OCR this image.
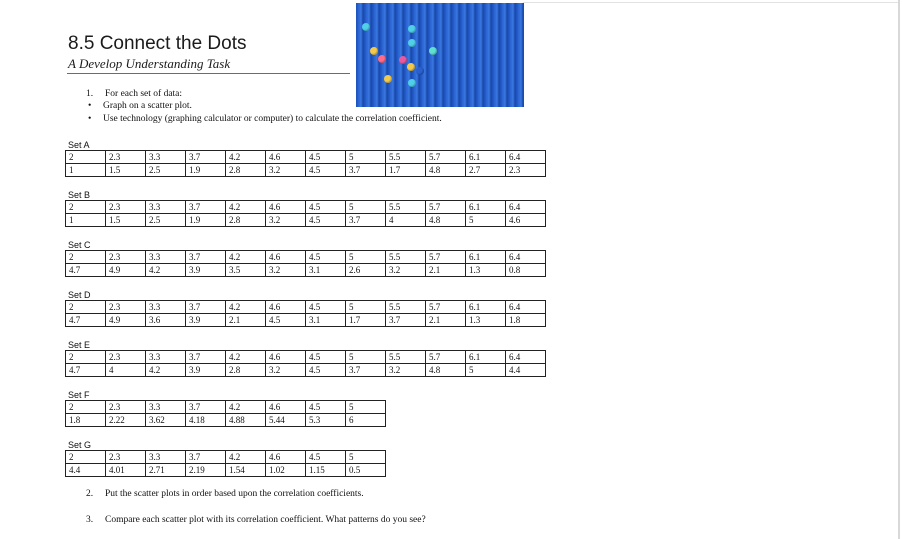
8.5 Connect the Dots
A Develop Understanding Task
1. For each set of data:
• Graph on a scatter plot.
• Use technology (graphing calculator or computer) to calculate the correlation coefficient.
Set A
2	2.3	3.3	3.7	4.2	4.6	4.5	5	5.5	5.7	6.1	6.4
1	1.5	2.5	1.9	2.8	3.2	4.5	3.7	1.7	4.8	2.7	2.3
Set B
2	2.3	3.3	3.7	4.2	4.6	4.5	5	5.5	5.7	6.1	6.4
1	1.5	2.5	1.9	2.8	3.2	4.5	3.7	4	4.8	5	4.6
Set C
2	2.3	3.3	3.7	4.2	4.6	4.5	5	5.5	5.7	6.1	6.4
4.7	4.9	4.2	3.9	3.5	3.2	3.1	2.6	3.2	2.1	1.3	0.8
Set D
2	2.3	3.3	3.7	4.2	4.6	4.5	5	5.5	5.7	6.1	6.4
4.7	4.9	3.6	3.9	2.1	4.5	3.1	1.7	3.7	2.1	1.3	1.8
Set E
2	2.3	3.3	3.7	4.2	4.6	4.5	5	5.5	5.7	6.1	6.4
4.7	4	4.2	3.9	2.8	3.2	4.5	3.7	3.2	4.8	5	4.4
Set F
2	2.3	3.3	3.7	4.2	4.6	4.5	5
1.8	2.22	3.62	4.18	4.88	5.44	5.3	6
Set G
2	2.3	3.3	3.7	4.2	4.6	4.5	5
4.4	4.01	2.71	2.19	1.54	1.02	1.15	0.5
2. Put the scatter plots in order based upon the correlation coefficients.
3. Compare each scatter plot with its correlation coefficient. What patterns do you see?
